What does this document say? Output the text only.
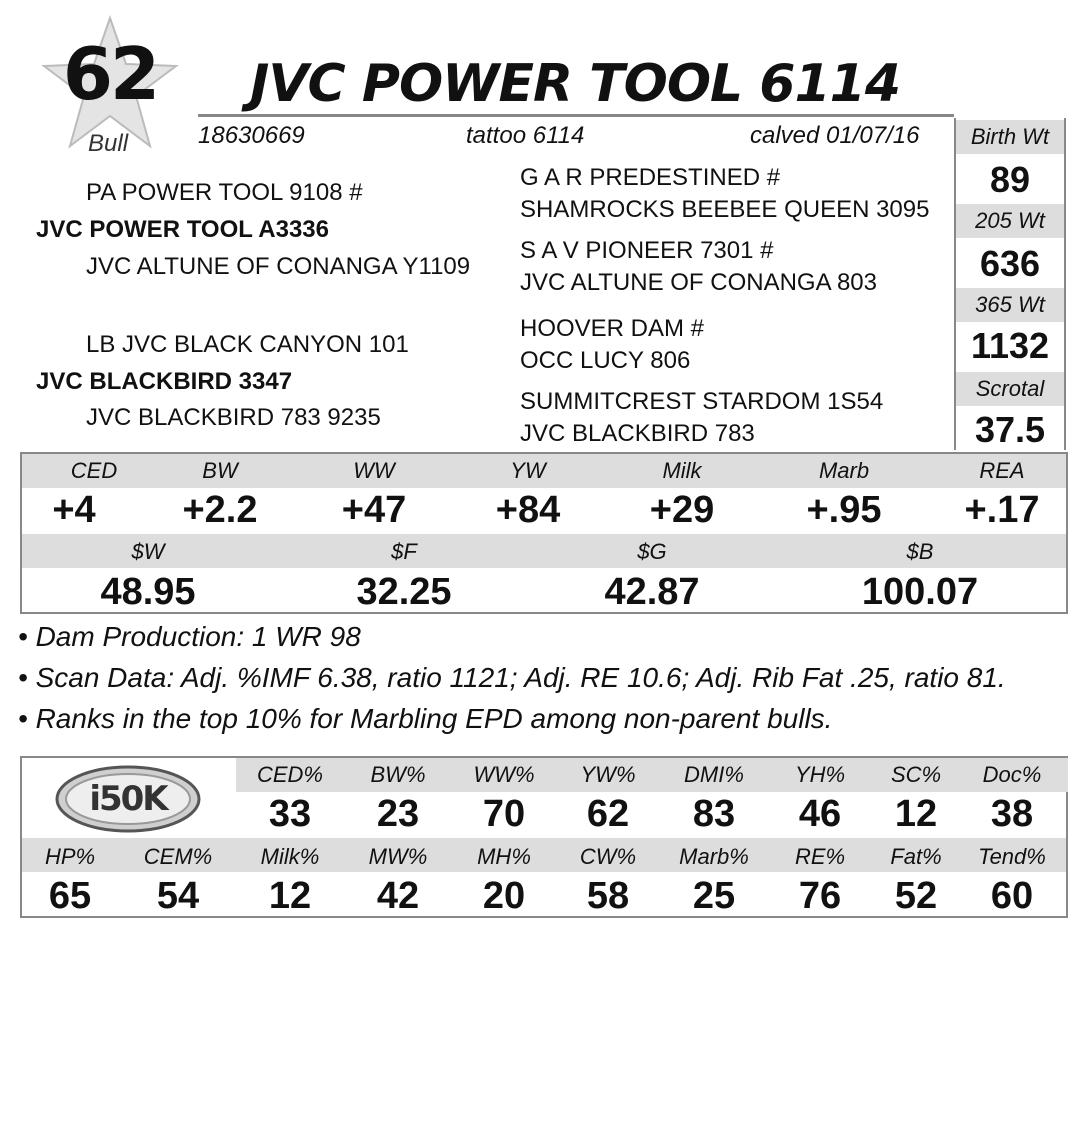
62
Bull
JVC POWER TOOL 6114
18630669	tattoo 6114	calved 01/07/16
PA POWER TOOL 9108 #
JVC POWER TOOL A3336
JVC ALTUNE OF CONANGA Y1109
G A R PREDESTINED #
SHAMROCKS BEEBEE QUEEN 3095
S A V PIONEER 7301 #
JVC ALTUNE OF CONANGA 803
LB JVC BLACK CANYON 101
JVC BLACKBIRD 3347
JVC BLACKBIRD 783 9235
HOOVER DAM #
OCC LUCY 806
SUMMITCREST STARDOM 1S54
JVC BLACKBIRD 783
Birth Wt
89
205 Wt
636
365 Wt
1132
Scrotal
37.5
CED	BW	WW	YW	Milk	Marb	REA
+4	+2.2	+47	+84	+29	+.95	+.17
$W	$F	$G	$B
48.95	32.25	42.87	100.07
• Dam Production: 1 WR 98
• Scan Data: Adj. %IMF 6.38, ratio 1121; Adj. RE 10.6; Adj. Rib Fat .25, ratio 81.
• Ranks in the top 10% for Marbling EPD among non-parent bulls.
i50K
CED%	BW%	WW%	YW%	DMI%	YH%	SC%	Doc%
33	23	70	62	83	46	12	38
HP%	CEM%	Milk%	MW%	MH%	CW%	Marb%	RE%	Fat%	Tend%
65	54	12	42	20	58	25	76	52	60
